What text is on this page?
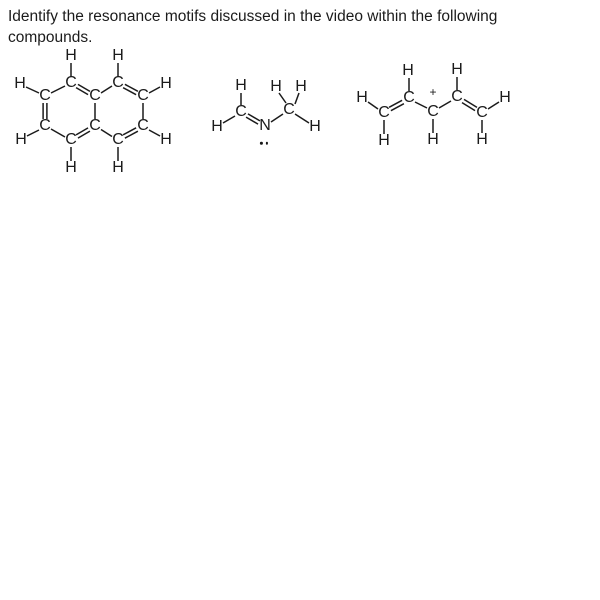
Identify the resonance motifs discussed in the video within the following
compounds.
H H
C C
H
C C C
H
C C C
H	H
C C
H H
H
C
H N
C
H H
H
H
C
H
C
H
+
C
H
C
H
C
H
H
